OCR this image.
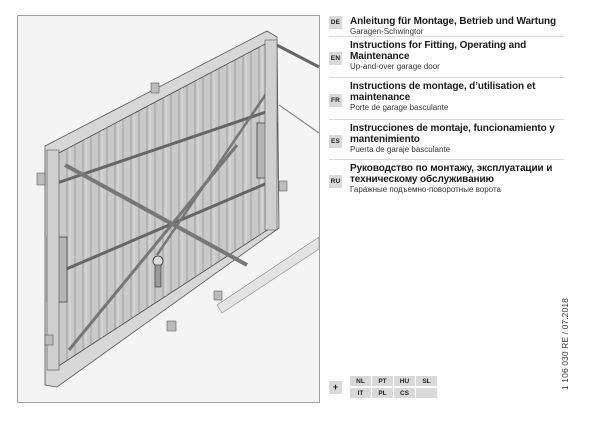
DE Anleitung für Montage, Betrieb und Wartung
Garagen-Schwingtor
EN
Instructions for Fitting, Operating and Maintenance
Up-and-over garage door
FR
Instructions de montage, d’utilisation et maintenance
Porte de garage basculante
ES
Instrucciones de montaje, funcionamiento y mantenimiento
Puerta de garaje basculante
RU
Руководство по монтажу, эксплуатации и техническому обслуживанию
Гаражные подъемно-поворотные ворота
+
NL	PT	HU	SL
IT	PL	CS
1 106 030 RE / 07.2018
